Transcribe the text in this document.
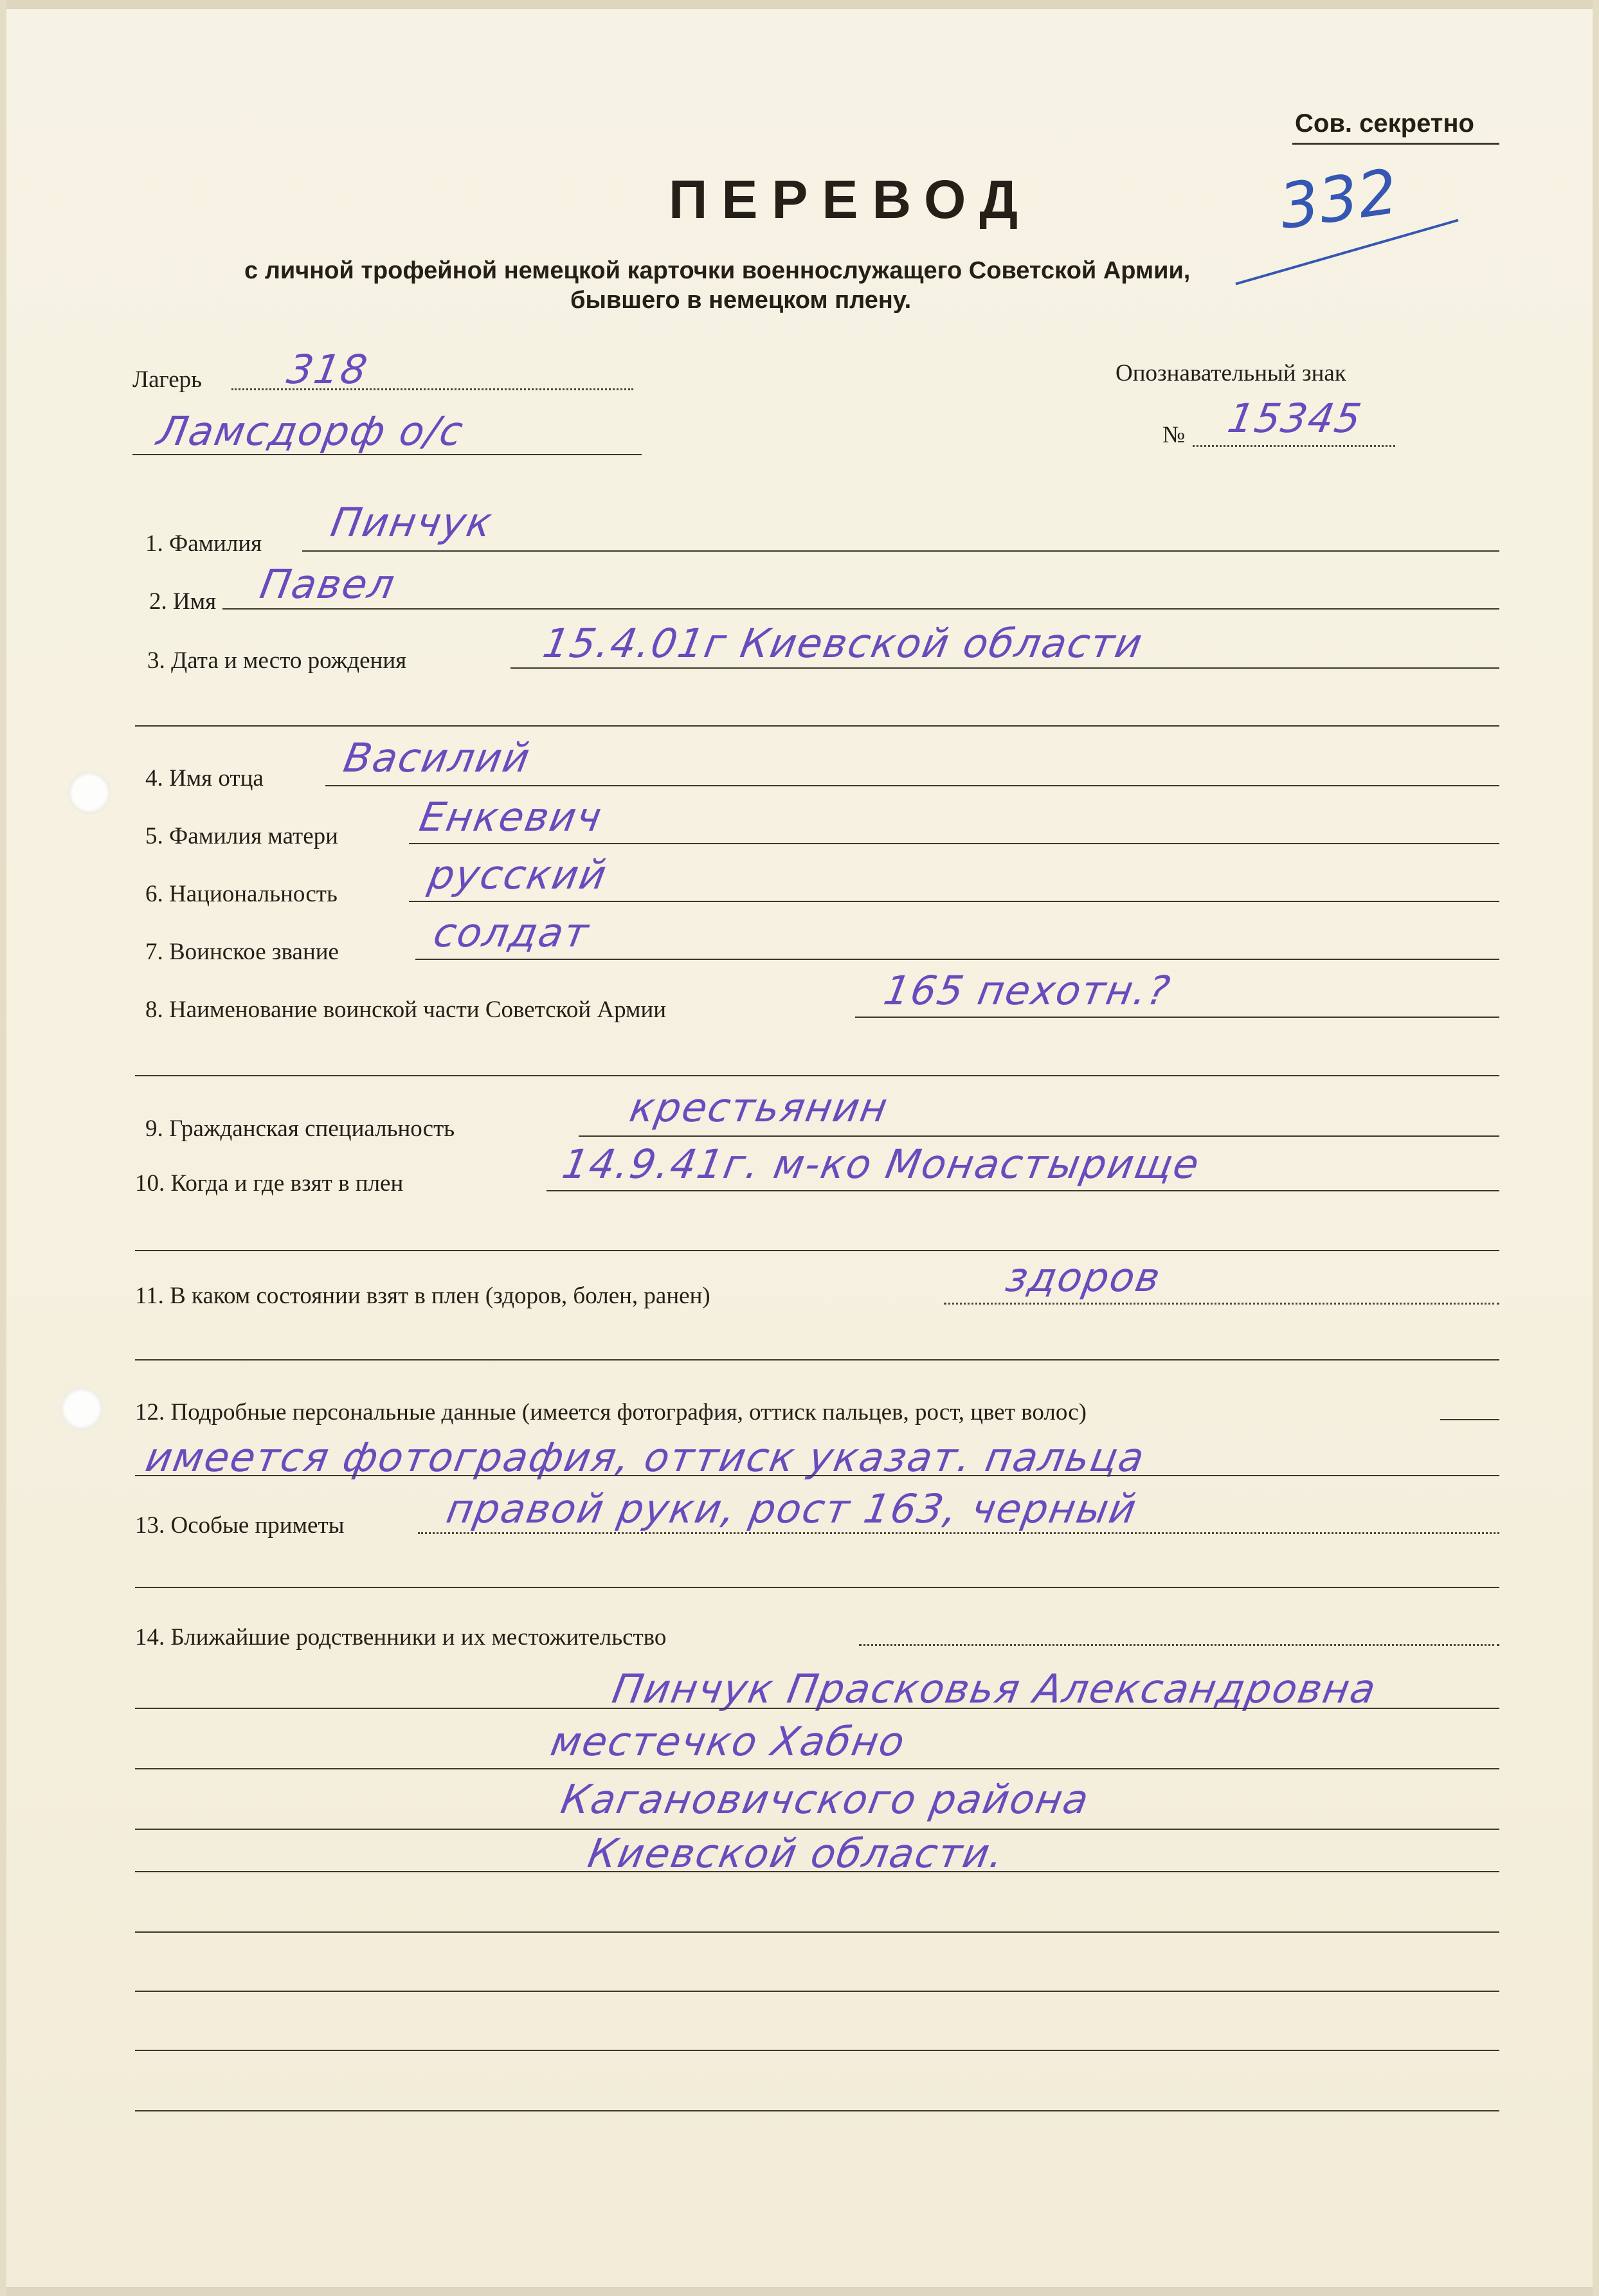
Сов. секретно
332
ПЕРЕВОД
с личной трофейной немецкой карточки военнослужащего Советской Армии,
бывшего в немецком плену.
Лагерь 318
Ламсдорф о/с
Опознавательный знак
№ 15345
1. Фамилия Пинчук
2. Имя Павел
3. Дата и место рождения	15.4.01г Киевской области
4. Имя отца Василий
5. Фамилия матери Енкевич
6. Национальность русский
7. Воинское звание солдат
8. Наименование воинской части Советской Армии	165 пехотн.?
9. Гражданская специальность	крестьянин
10. Когда и где взят в плен	14.9.41г. м-ко Монастырище
11. В каком состоянии взят в плен (здоров, болен, ранен)	здоров
12. Подробные персональные данные (имеется фотография, оттиск пальцев, рост, цвет волос)
имеется фотография, оттиск указат. пальца
13. Особые приметы правой руки, рост 163, черный
14. Ближайшие родственники и их местожительство
Пинчук Прасковья Александровна
местечко Хабно
Кагановичского района
Киевской области.
